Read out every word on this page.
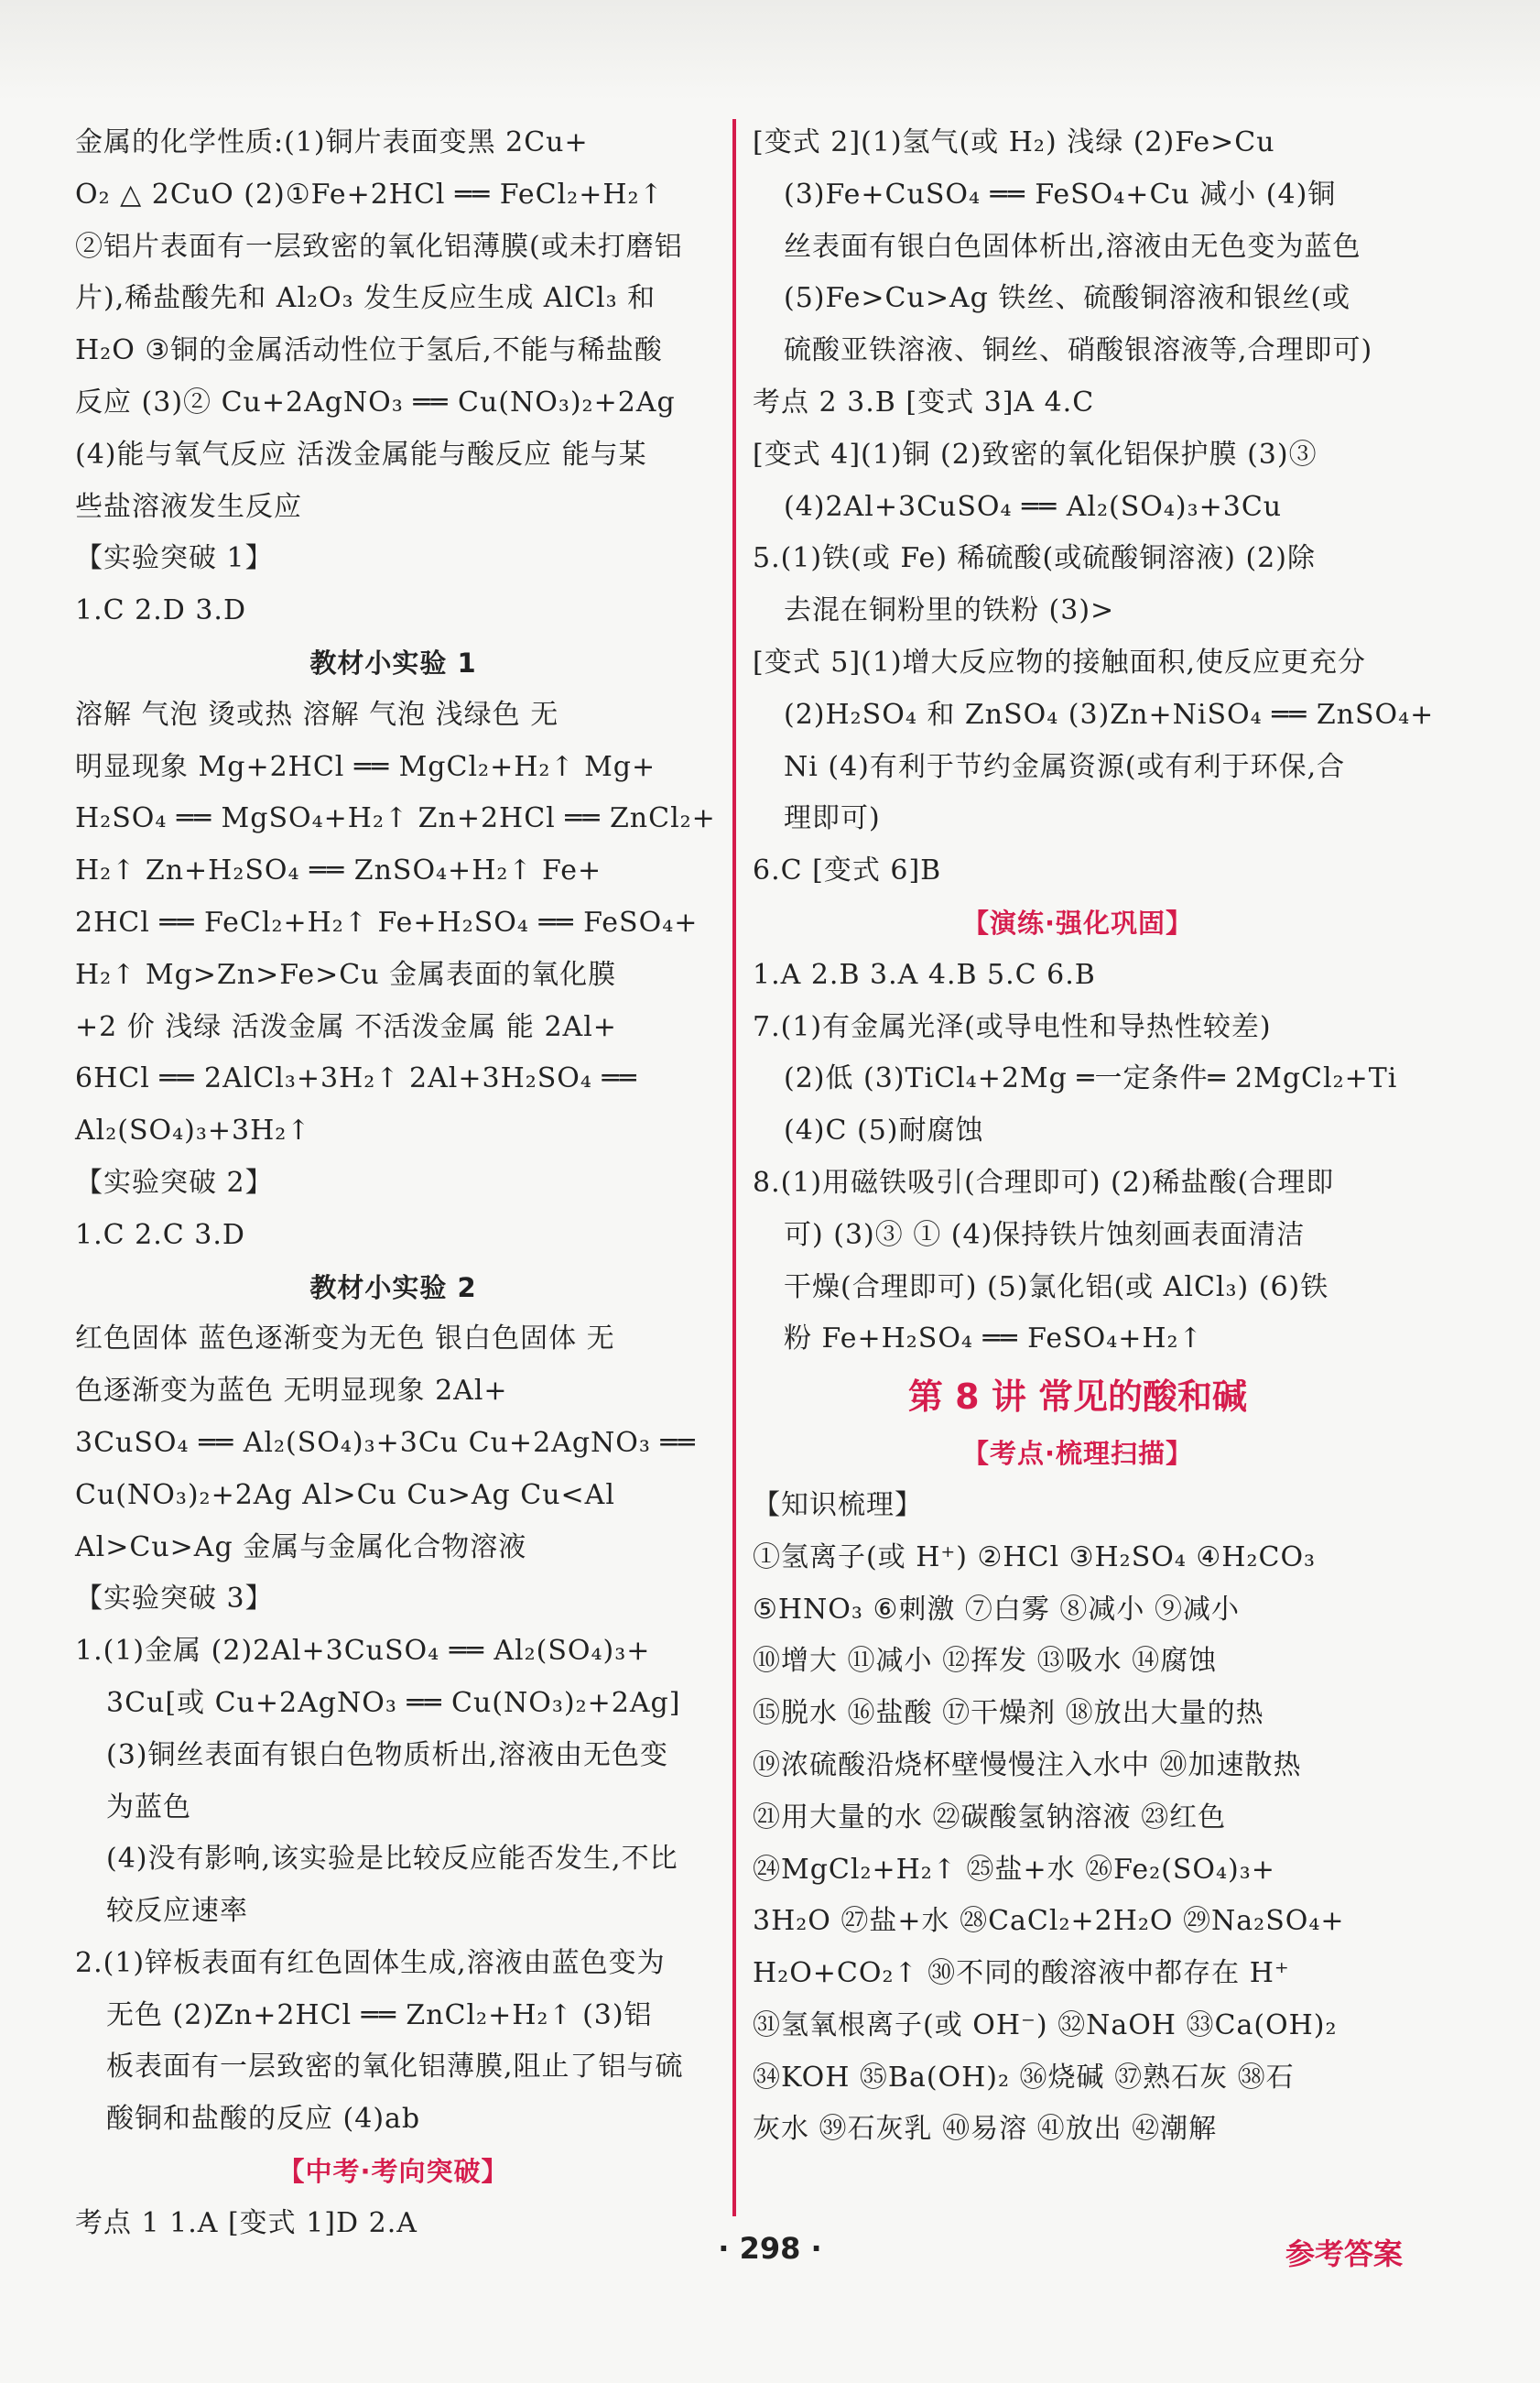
金属的化学性质:(1)铜片表面变黑 2Cu+
O₂ △ 2CuO (2)①Fe+2HCl ══ FeCl₂+H₂↑
②铝片表面有一层致密的氧化铝薄膜(或未打磨铝
片),稀盐酸先和 Al₂O₃ 发生反应生成 AlCl₃ 和
H₂O ③铜的金属活动性位于氢后,不能与稀盐酸
反应 (3)② Cu+2AgNO₃ ══ Cu(NO₃)₂+2Ag
(4)能与氧气反应 活泼金属能与酸反应 能与某
些盐溶液发生反应
【实验突破 1】
1.C 2.D 3.D
教材小实验 1
溶解 气泡 烫或热 溶解 气泡 浅绿色 无
明显现象 Mg+2HCl ══ MgCl₂+H₂↑ Mg+
H₂SO₄ ══ MgSO₄+H₂↑ Zn+2HCl ══ ZnCl₂+
H₂↑ Zn+H₂SO₄ ══ ZnSO₄+H₂↑ Fe+
2HCl ══ FeCl₂+H₂↑ Fe+H₂SO₄ ══ FeSO₄+
H₂↑ Mg>Zn>Fe>Cu 金属表面的氧化膜
+2 价 浅绿 活泼金属 不活泼金属 能 2Al+
6HCl ══ 2AlCl₃+3H₂↑ 2Al+3H₂SO₄ ══
Al₂(SO₄)₃+3H₂↑
【实验突破 2】
1.C 2.C 3.D
教材小实验 2
红色固体 蓝色逐渐变为无色 银白色固体 无
色逐渐变为蓝色 无明显现象 2Al+
3CuSO₄ ══ Al₂(SO₄)₃+3Cu Cu+2AgNO₃ ══
Cu(NO₃)₂+2Ag Al>Cu Cu>Ag Cu<Al
Al>Cu>Ag 金属与金属化合物溶液
【实验突破 3】
1.(1)金属 (2)2Al+3CuSO₄ ══ Al₂(SO₄)₃+
3Cu[或 Cu+2AgNO₃ ══ Cu(NO₃)₂+2Ag]
(3)铜丝表面有银白色物质析出,溶液由无色变
为蓝色
(4)没有影响,该实验是比较反应能否发生,不比
较反应速率
2.(1)锌板表面有红色固体生成,溶液由蓝色变为
无色 (2)Zn+2HCl ══ ZnCl₂+H₂↑ (3)铝
板表面有一层致密的氧化铝薄膜,阻止了铝与硫
酸铜和盐酸的反应 (4)ab
【中考·考向突破】
考点 1 1.A [变式 1]D 2.A
[变式 2](1)氢气(或 H₂) 浅绿 (2)Fe>Cu
(3)Fe+CuSO₄ ══ FeSO₄+Cu 减小 (4)铜
丝表面有银白色固体析出,溶液由无色变为蓝色
(5)Fe>Cu>Ag 铁丝、硫酸铜溶液和银丝(或
硫酸亚铁溶液、铜丝、硝酸银溶液等,合理即可)
考点 2 3.B [变式 3]A 4.C
[变式 4](1)铜 (2)致密的氧化铝保护膜 (3)③
(4)2Al+3CuSO₄ ══ Al₂(SO₄)₃+3Cu
5.(1)铁(或 Fe) 稀硫酸(或硫酸铜溶液) (2)除
去混在铜粉里的铁粉 (3)>
[变式 5](1)增大反应物的接触面积,使反应更充分
(2)H₂SO₄ 和 ZnSO₄ (3)Zn+NiSO₄ ══ ZnSO₄+
Ni (4)有利于节约金属资源(或有利于环保,合
理即可)
6.C [变式 6]B
【演练·强化巩固】
1.A 2.B 3.A 4.B 5.C 6.B
7.(1)有金属光泽(或导电性和导热性较差)
(2)低 (3)TiCl₄+2Mg ═一定条件═ 2MgCl₂+Ti
(4)C (5)耐腐蚀
8.(1)用磁铁吸引(合理即可) (2)稀盐酸(合理即
可) (3)③ ① (4)保持铁片蚀刻画表面清洁
干燥(合理即可) (5)氯化铝(或 AlCl₃) (6)铁
粉 Fe+H₂SO₄ ══ FeSO₄+H₂↑
第 8 讲 常见的酸和碱
【考点·梳理扫描】
【知识梳理】
①氢离子(或 H⁺) ②HCl ③H₂SO₄ ④H₂CO₃
⑤HNO₃ ⑥刺激 ⑦白雾 ⑧减小 ⑨减小
⑩增大 ⑪减小 ⑫挥发 ⑬吸水 ⑭腐蚀
⑮脱水 ⑯盐酸 ⑰干燥剂 ⑱放出大量的热
⑲浓硫酸沿烧杯壁慢慢注入水中 ⑳加速散热
㉑用大量的水 ㉒碳酸氢钠溶液 ㉓红色
㉔MgCl₂+H₂↑ ㉕盐+水 ㉖Fe₂(SO₄)₃+
3H₂O ㉗盐+水 ㉘CaCl₂+2H₂O ㉙Na₂SO₄+
H₂O+CO₂↑ ㉚不同的酸溶液中都存在 H⁺
㉛氢氧根离子(或 OH⁻) ㉜NaOH ㉝Ca(OH)₂
㉞KOH ㉟Ba(OH)₂ ㊱烧碱 ㊲熟石灰 ㊳石
灰水 ㊴石灰乳 ㊵易溶 ㊶放出 ㊷潮解
· 298 ·	参考答案
